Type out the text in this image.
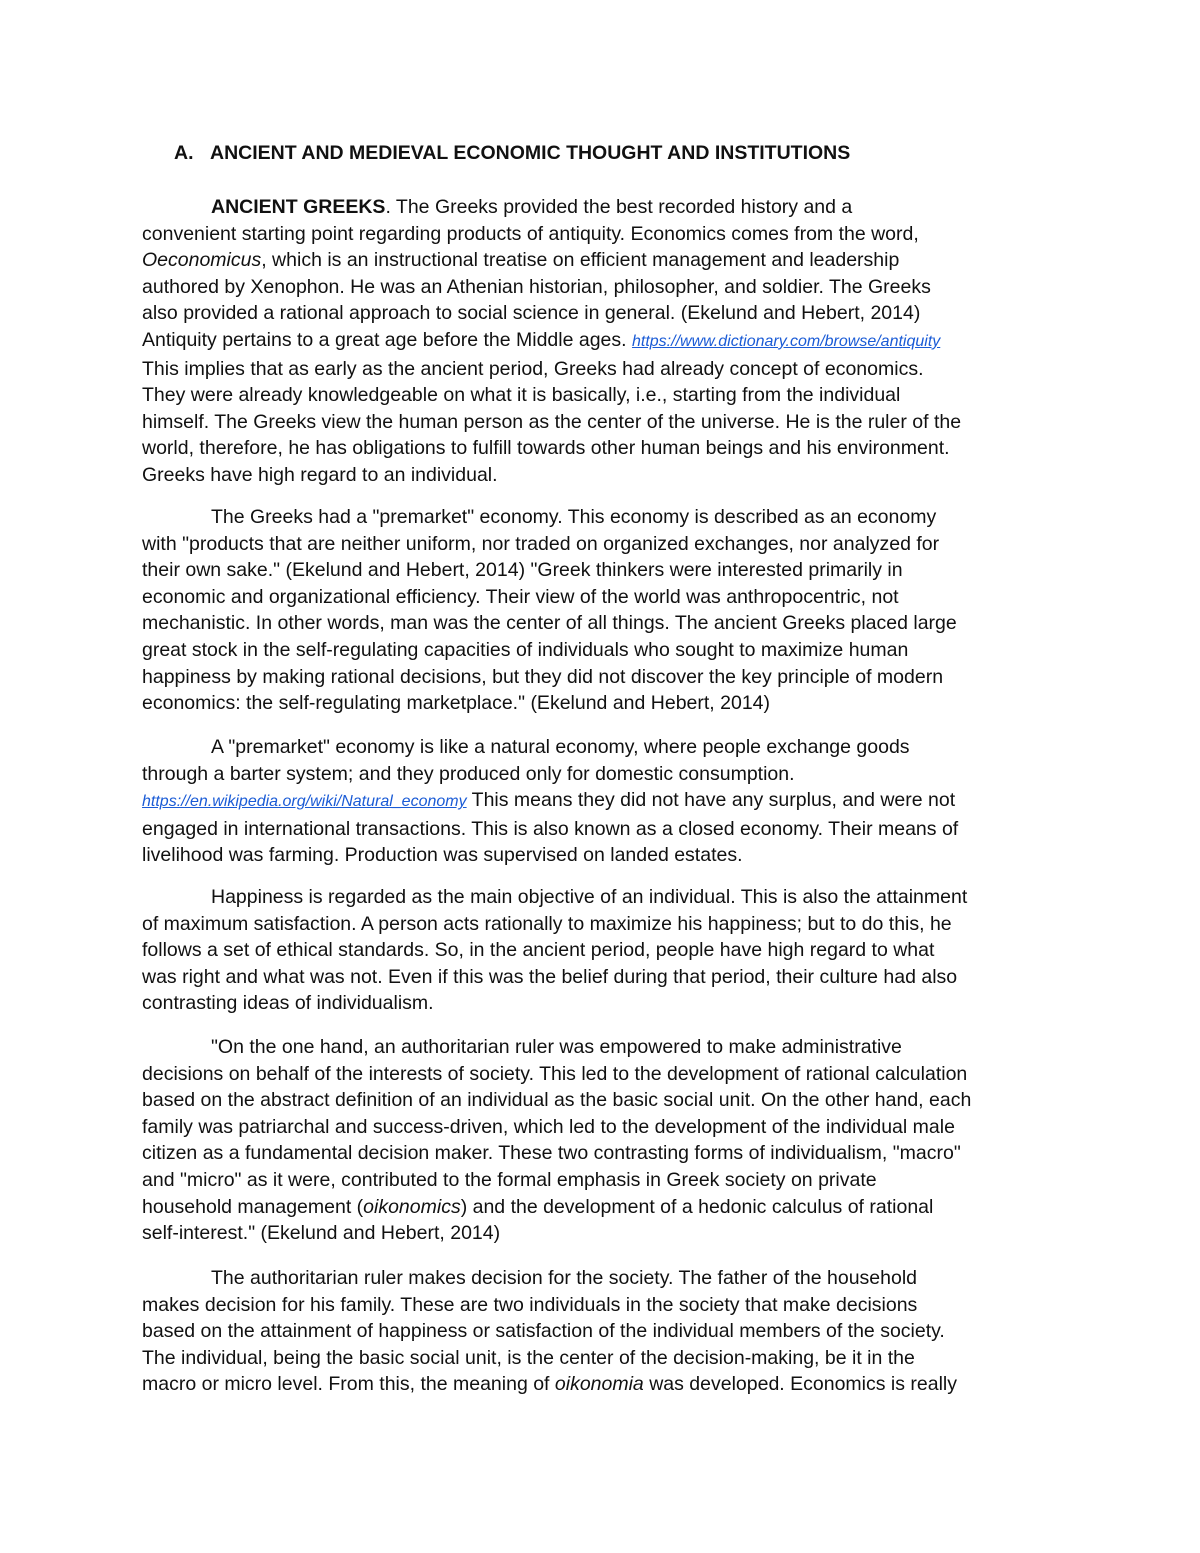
A. ANCIENT AND MEDIEVAL ECONOMIC THOUGHT AND INSTITUTIONS
ANCIENT GREEKS. The Greeks provided the best recorded history and a
convenient starting point regarding products of antiquity. Economics comes from the word,
Oeconomicus, which is an instructional treatise on efficient management and leadership
authored by Xenophon. He was an Athenian historian, philosopher, and soldier. The Greeks
also provided a rational approach to social science in general. (Ekelund and Hebert, 2014)
Antiquity pertains to a great age before the Middle ages. https://www.dictionary.com/browse/antiquity
This implies that as early as the ancient period, Greeks had already concept of economics.
They were already knowledgeable on what it is basically, i.e., starting from the individual
himself. The Greeks view the human person as the center of the universe. He is the ruler of the
world, therefore, he has obligations to fulfill towards other human beings and his environment.
Greeks have high regard to an individual.
The Greeks had a "premarket" economy. This economy is described as an economy
with "products that are neither uniform, nor traded on organized exchanges, nor analyzed for
their own sake." (Ekelund and Hebert, 2014) "Greek thinkers were interested primarily in
economic and organizational efficiency. Their view of the world was anthropocentric, not
mechanistic. In other words, man was the center of all things. The ancient Greeks placed large
great stock in the self-regulating capacities of individuals who sought to maximize human
happiness by making rational decisions, but they did not discover the key principle of modern
economics: the self-regulating marketplace." (Ekelund and Hebert, 2014)
A "premarket" economy is like a natural economy, where people exchange goods
through a barter system; and they produced only for domestic consumption.
https://en.wikipedia.org/wiki/Natural_economy This means they did not have any surplus, and were not
engaged in international transactions. This is also known as a closed economy. Their means of
livelihood was farming. Production was supervised on landed estates.
Happiness is regarded as the main objective of an individual. This is also the attainment
of maximum satisfaction. A person acts rationally to maximize his happiness; but to do this, he
follows a set of ethical standards. So, in the ancient period, people have high regard to what
was right and what was not. Even if this was the belief during that period, their culture had also
contrasting ideas of individualism.
"On the one hand, an authoritarian ruler was empowered to make administrative
decisions on behalf of the interests of society. This led to the development of rational calculation
based on the abstract definition of an individual as the basic social unit. On the other hand, each
family was patriarchal and success-driven, which led to the development of the individual male
citizen as a fundamental decision maker. These two contrasting forms of individualism, "macro"
and "micro" as it were, contributed to the formal emphasis in Greek society on private
household management (oikonomics) and the development of a hedonic calculus of rational
self-interest." (Ekelund and Hebert, 2014)
The authoritarian ruler makes decision for the society. The father of the household
makes decision for his family. These are two individuals in the society that make decisions
based on the attainment of happiness or satisfaction of the individual members of the society.
The individual, being the basic social unit, is the center of the decision-making, be it in the
macro or micro level. From this, the meaning of oikonomia was developed. Economics is really
